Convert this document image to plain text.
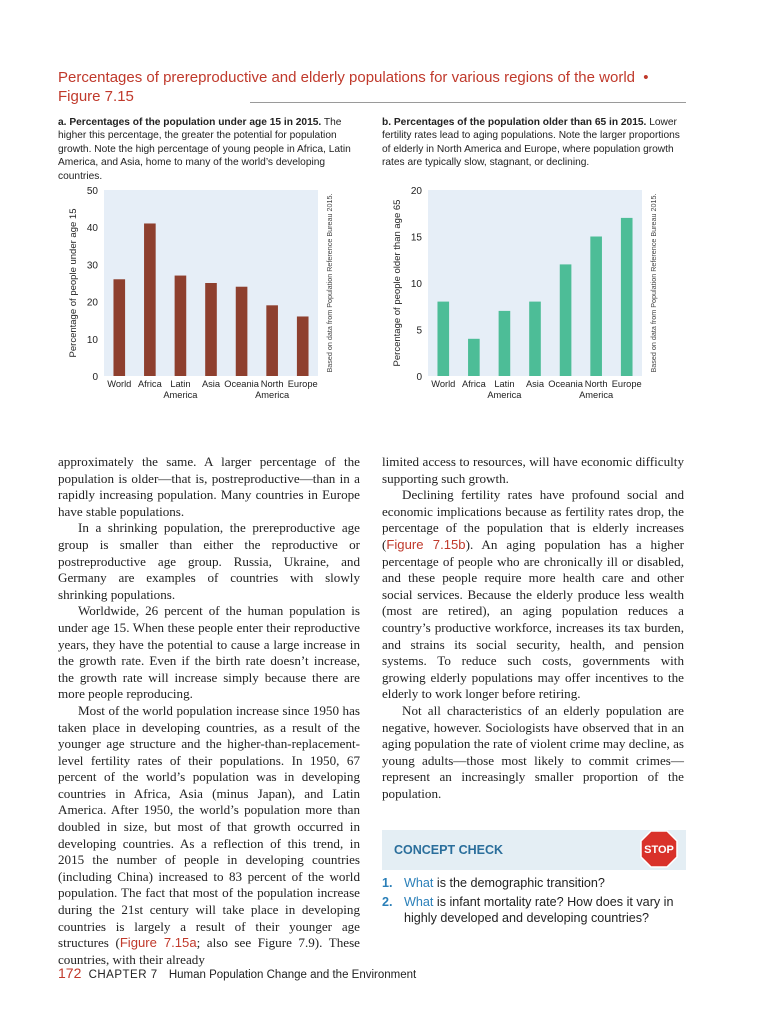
Percentages of prereproductive and elderly populations for various regions of the world • Figure 7.15
a. Percentages of the population under age 15 in 2015. The higher this percentage, the greater the potential for population growth. Note the high percentage of young people in Africa, Latin America, and Asia, home to many of the world’s developing countries.
b. Percentages of the population older than 65 in 2015. Lower fertility rates lead to aging populations. Note the larger proportions of elderly in North America and Europe, where population growth rates are typically slow, stagnant, or declining.
0
10
20
30
40
50
Percentage of people under age 15
World Africa Latin
America
Asia Oceania North
America
Europe
Based on data from Population Reference Bureau 2015.
0
5
10
15
20
Percentage of people older than age 65
World Africa Latin
America
Asia Oceania North
America
Europe
Based on data from Population Reference Bureau 2015.

approximately the same. A larger percentage of the population is older—that is, postreproductive—than in a rapidly increasing population. Many countries in Europe have stable populations.

In a shrinking population, the prereproductive age group is smaller than either the reproductive or postreproductive age group. Russia, Ukraine, and Germany are examples of countries with slowly shrinking populations.

Worldwide, 26 percent of the human population is under age 15. When these people enter their reproductive years, they have the potential to cause a large increase in the growth rate. Even if the birth rate doesn’t increase, the growth rate will increase simply because there are more people reproducing.

Most of the world population increase since 1950 has taken place in developing countries, as a result of the younger age structure and the higher-than-replacement-level fertility rates of their populations. In 1950, 67 percent of the world’s population was in developing countries in Africa, Asia (minus Japan), and Latin America. After 1950, the world’s population more than doubled in size, but most of that growth occurred in developing countries. As a reflection of this trend, in 2015 the number of people in developing countries (including China) increased to 83 percent of the world population. The fact that most of the population increase during the 21st century will take place in developing countries is largely a result of their younger age structures (Figure 7.15a; also see Figure 7.9). These countries, with their already

limited access to resources, will have economic difficulty supporting such growth.

Declining fertility rates have profound social and economic implications because as fertility rates drop, the percentage of the population that is elderly increases (Figure 7.15b). An aging population has a higher percentage of people who are chronically ill or disabled, and these people require more health care and other social services. Because the elderly produce less wealth (most are retired), an aging population reduces a country’s productive workforce, increases its tax burden, and strains its social security, health, and pension systems. To reduce such costs, governments with growing elderly populations may offer incentives to the elderly to work longer before retiring.

Not all characteristics of an elderly population are negative, however. Sociologists have observed that in an aging population the rate of violent crime may decline, as young adults—those most likely to commit crimes—represent an increasingly smaller proportion of the population.

CONCEPT CHECK	STOP
1. What is the demographic transition?
2. What is infant mortality rate? How does it vary in highly developed and developing countries?
172 CHAPTER 7 Human Population Change and the Environment
